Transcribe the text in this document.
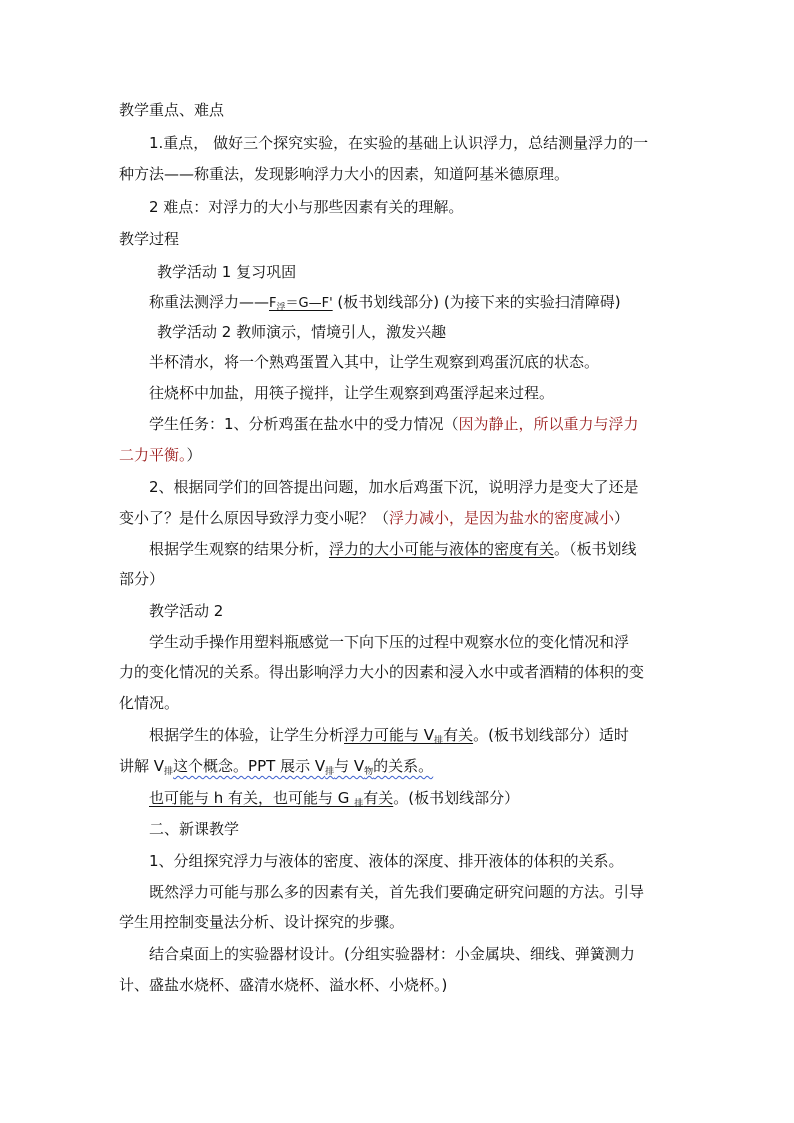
教学重点、难点
1.重点， 做好三个探究实验，在实验的基础上认识浮力，总结测量浮力的一
种方法——称重法，发现影响浮力大小的因素，知道阿基米德原理。
2 难点：对浮力的大小与那些因素有关的理解。
教学过程
教学活动 1 复习巩固
称重法测浮力$——F_浮=G—F'$ (板书划线部分) (为接下来的实验扫清障碍)
教学活动 2 教师演示，情境引人，激发兴趣
半杯清水，将一个熟鸡蛋置入其中，让学生观察到鸡蛋沉底的状态。
往烧杯中加盐，用筷子搅拌，让学生观察到鸡蛋浮起来过程。
学生任务：1、分析鸡蛋在盐水中的受力情况（因为静止，所以重力与浮力
二力平衡。）
2、根据同学们的回答提出问题，加水后鸡蛋下沉，说明浮力是变大了还是
变小了？是什么原因导致浮力变小呢？（浮力减小，是因为盐水的密度减小）
根据学生观察的结果分析，浮力的大小可能与液体的密度有关。（板书划线
部分）
教学活动 2
学生动手操作用塑料瓶感觉一下向下压的过程中观察水位的变化情况和浮
力的变化情况的关系。得出影响浮力大小的因素和浸入水中或者酒精的体积的变
化情况。
根据学生的体验，让学生分析浮力可能与 $V_排$有关。(板书划线部分）适时
讲解 $V_排$这个概念。PPT 展示 $V_排$与 $V_物$的关系。
也可能与 h 有关，也可能与 G $_排$有关。(板书划线部分）
二、新课教学
1、分组探究浮力与液体的密度、液体的深度、排开液体的体积的关系。
既然浮力可能与那么多的因素有关，首先我们要确定研究问题的方法。引导
学生用控制变量法分析、设计探究的步骤。
结合桌面上的实验器材设计。(分组实验器材：小金属块、细线、弹簧测力
计、盛盐水烧杯、盛清水烧杯、溢水杯、小烧杯。)
